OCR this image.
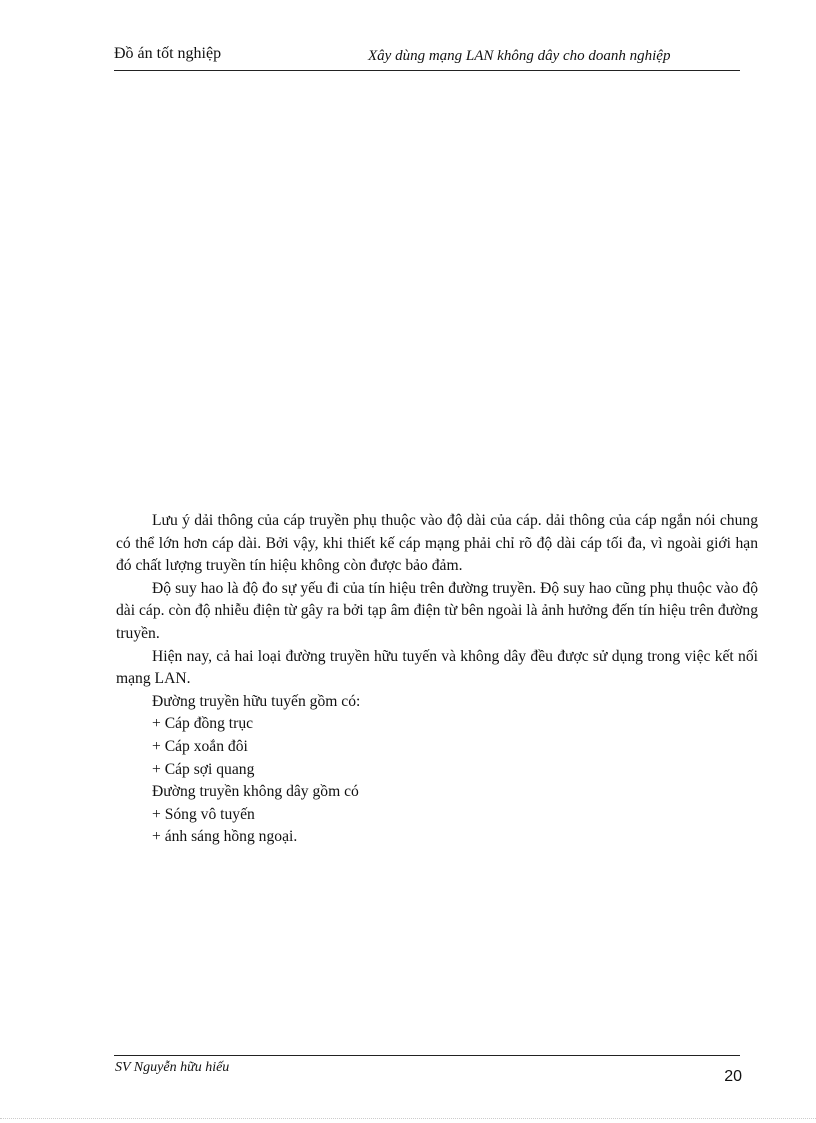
Đồ án tốt nghiệp	Xây dùng mạng LAN không dây cho doanh nghiệp

Lưu ý dải thông của cáp truyền phụ thuộc vào độ dài của cáp. dải thông của cáp ngắn nói chung có thể lớn hơn cáp dài. Bởi vậy, khi thiết kế cáp mạng phải chỉ rõ độ dài cáp tối đa, vì ngoài giới hạn đó chất lượng truyền tín hiệu không còn được bảo đảm.

Độ suy hao là độ đo sự yếu đi của tín hiệu trên đường truyền. Độ suy hao cũng phụ thuộc vào độ dài cáp. còn độ nhiễu điện từ gây ra bởi tạp âm điện từ bên ngoài là ảnh hưởng đến tín hiệu trên đường truyền.

Hiện nay, cả hai loại đường truyền hữu tuyến và không dây đều được sử dụng trong việc kết nối mạng LAN.

Đường truyền hữu tuyến gồm có:

+ Cáp đồng trục

+ Cáp xoắn đôi

+ Cáp sợi quang

Đường truyền không dây gồm có

+ Sóng vô tuyến

+ ánh sáng hồng ngoại.

SV Nguyễn hữu hiếu
20
